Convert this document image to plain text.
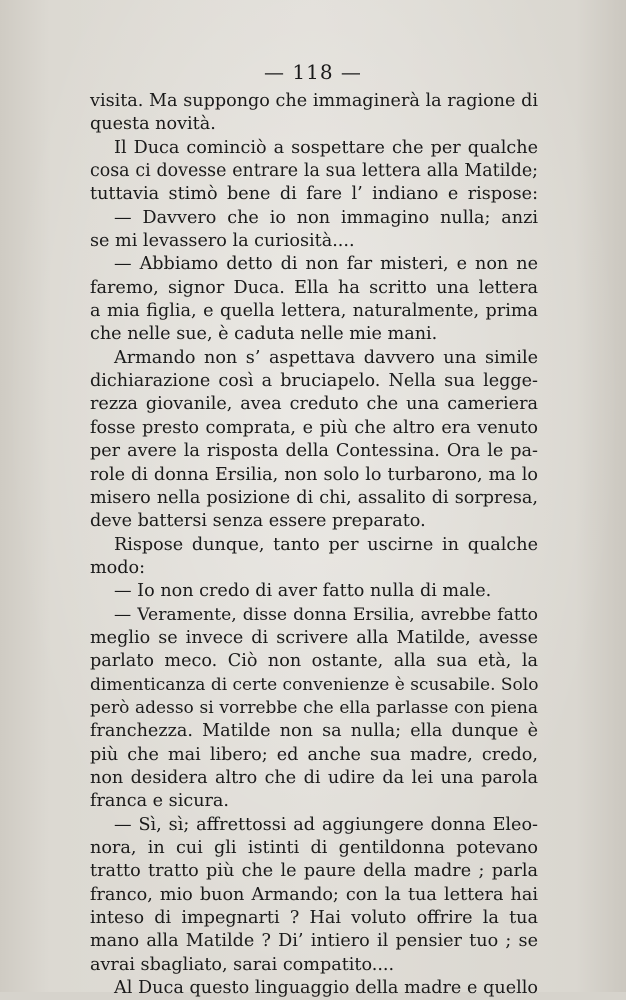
— 118 —
visita. Ma suppongo che immaginerà la ragione di
questa novità.
Il Duca cominciò a sospettare che per qualche
cosa ci dovesse entrare la sua lettera alla Matilde;
tuttavia stimò bene di fare l’ indiano e rispose:
— Davvero che io non immagino nulla; anzi
se mi levassero la curiosità....
— Abbiamo detto di non far misteri, e non ne
faremo, signor Duca. Ella ha scritto una lettera
a mia figlia, e quella lettera, naturalmente, prima
che nelle sue, è caduta nelle mie mani.
Armando non s’ aspettava davvero una simile
dichiarazione così a bruciapelo. Nella sua legge-
rezza giovanile, avea creduto che una cameriera
fosse presto comprata, e più che altro era venuto
per avere la risposta della Contessina. Ora le pa-
role di donna Ersilia, non solo lo turbarono, ma lo
misero nella posizione di chi, assalito di sorpresa,
deve battersi senza essere preparato.
Rispose dunque, tanto per uscirne in qualche
modo:
— Io non credo di aver fatto nulla di male.
— Veramente, disse donna Ersilia, avrebbe fatto
meglio se invece di scrivere alla Matilde, avesse
parlato meco. Ciò non ostante, alla sua età, la
dimenticanza di certe convenienze è scusabile. Solo
però adesso si vorrebbe che ella parlasse con piena
franchezza. Matilde non sa nulla; ella dunque è
più che mai libero; ed anche sua madre, credo,
non desidera altro che di udire da lei una parola
franca e sicura.
— Sì, sì; affrettossi ad aggiungere donna Eleo-
nora, in cui gli istinti di gentildonna potevano
tratto tratto più che le paure della madre ; parla
franco, mio buon Armando; con la tua lettera hai
inteso di impegnarti ? Hai voluto offrire la tua
mano alla Matilde ? Di’ intiero il pensier tuo ; se
avrai sbagliato, sarai compatito....
Al Duca questo linguaggio della madre e quello
